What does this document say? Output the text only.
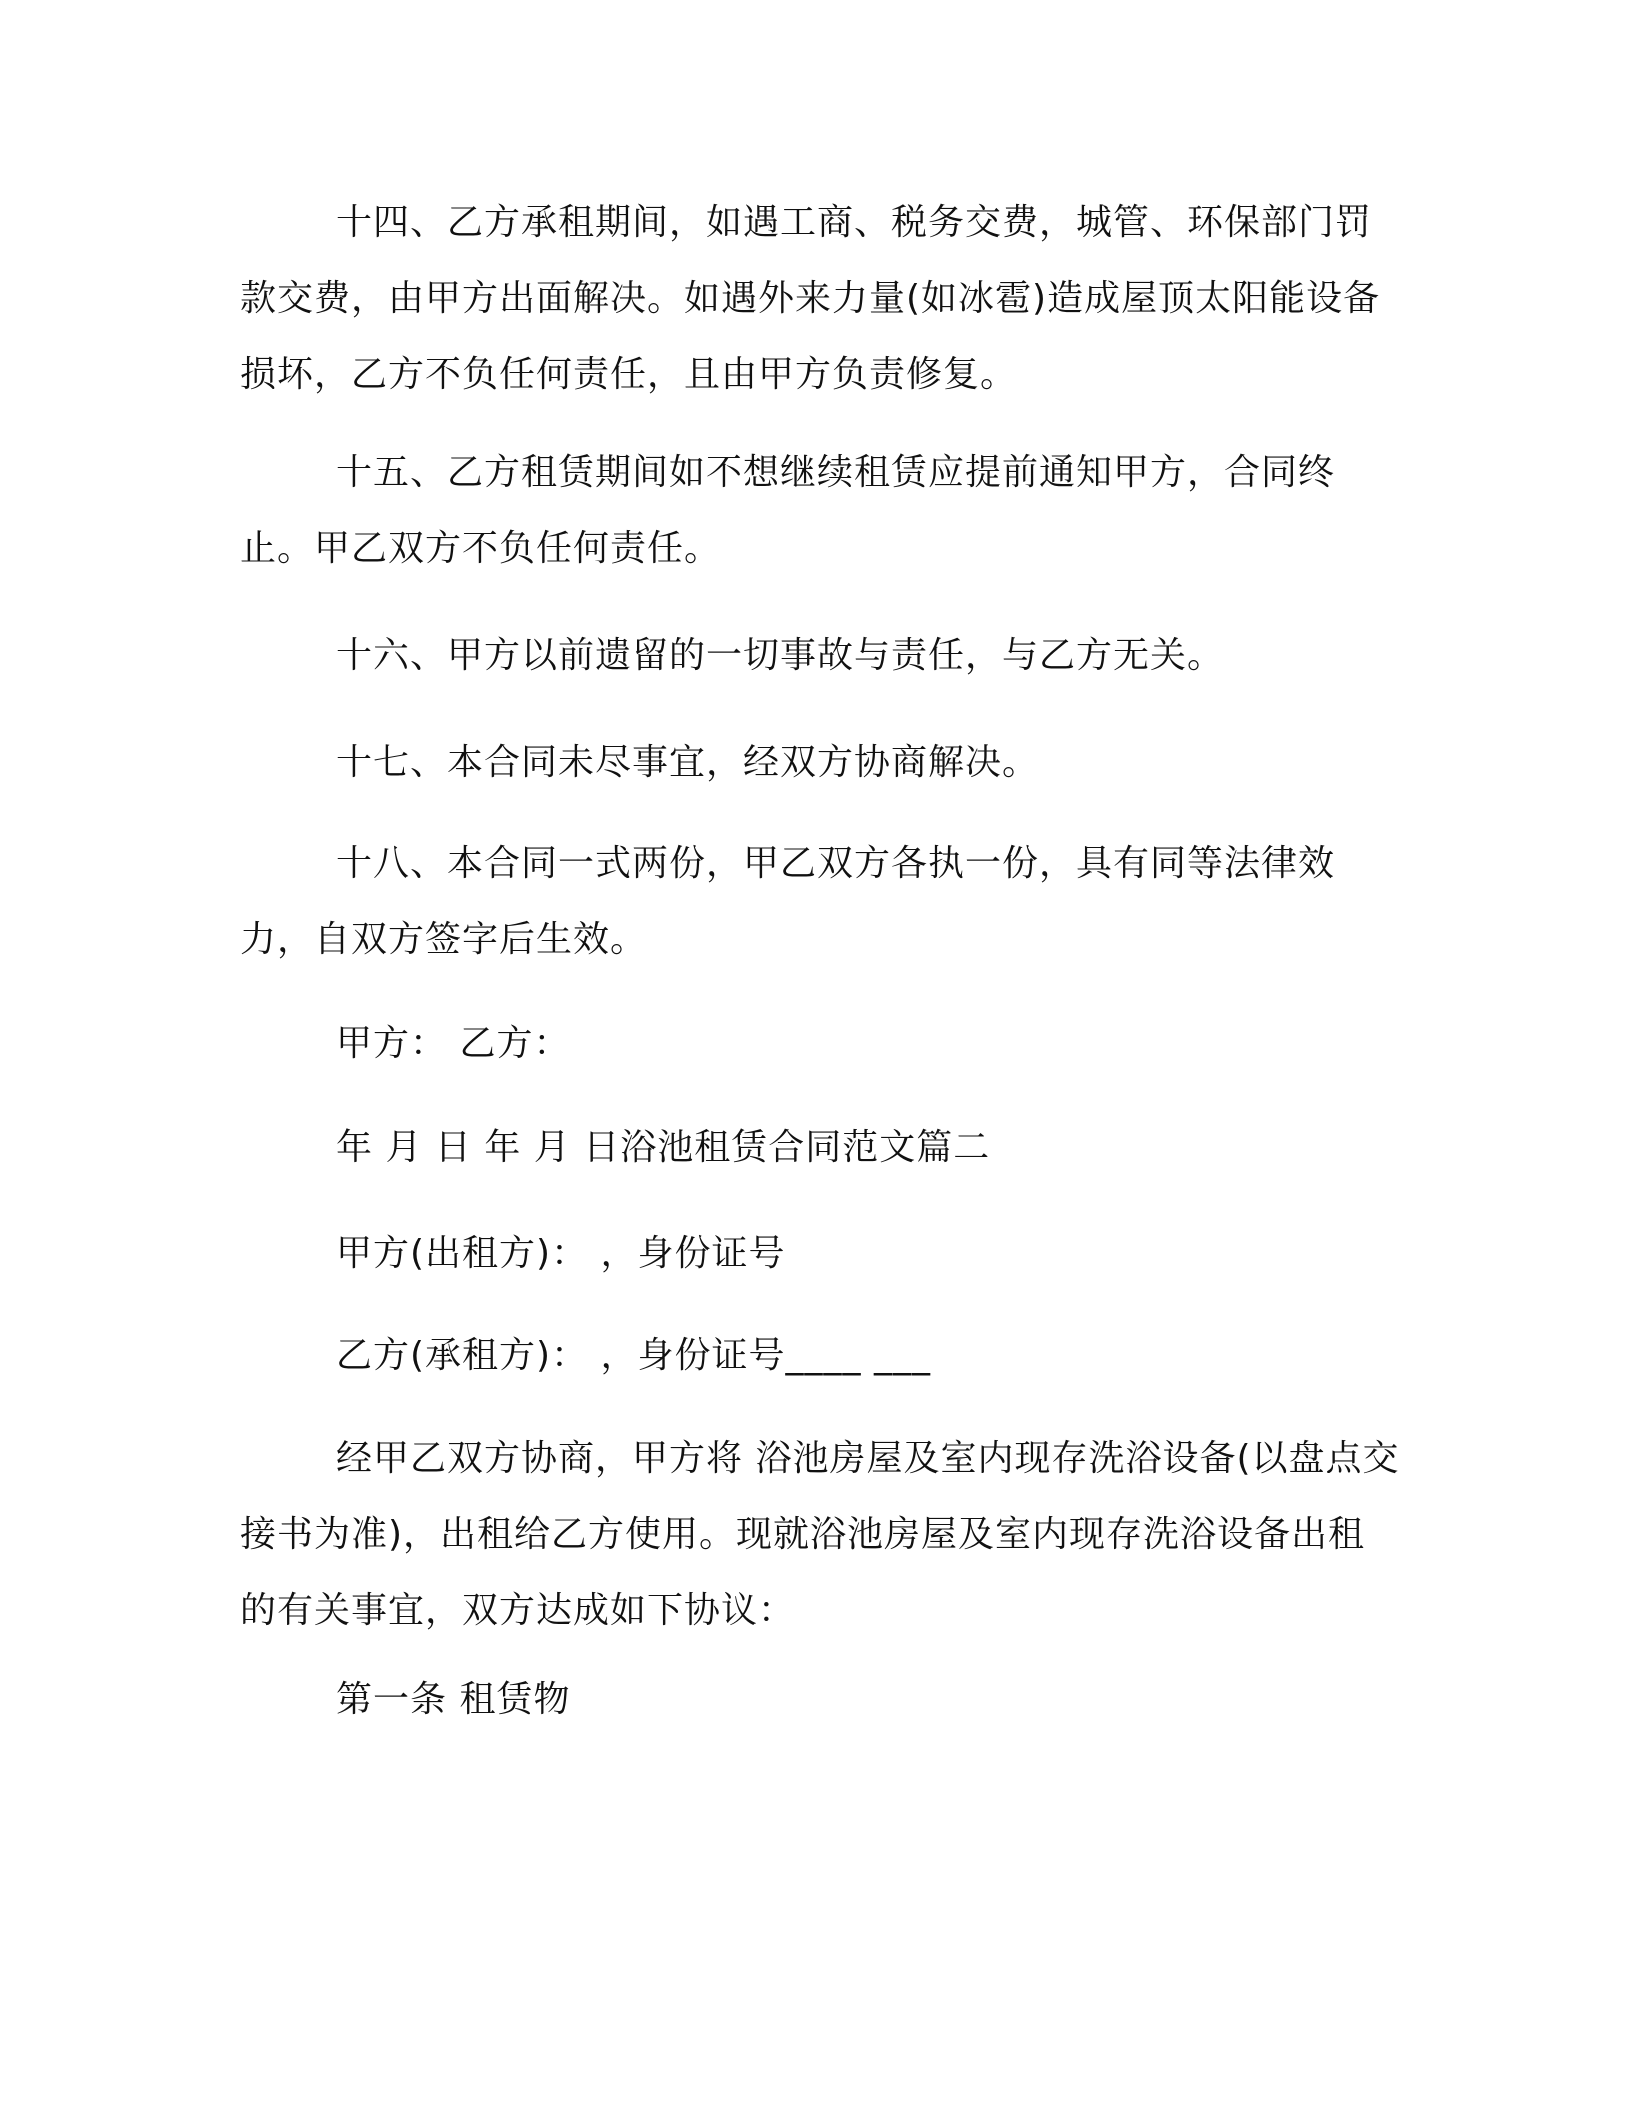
十四、乙方承租期间，如遇工商、税务交费，城管、环保部门罚款交费，由甲方出面解决。如遇外来力量(如冰雹)造成屋顶太阳能设备损坏，乙方不负任何责任，且由甲方负责修复。

十五、乙方租赁期间如不想继续租赁应提前通知甲方，合同终止。甲乙双方不负任何责任。

十六、甲方以前遗留的一切事故与责任，与乙方无关。

十七、本合同未尽事宜，经双方协商解决。

十八、本合同一式两份，甲乙双方各执一份，具有同等法律效力，自双方签字后生效。

甲方： 乙方：

年 月 日 年 月 日浴池租赁合同范文篇二

甲方(出租方)： ，身份证号

乙方(承租方)： ，身份证号____ ___

经甲乙双方协商，甲方将 浴池房屋及室内现存洗浴设备(以盘点交接书为准)，出租给乙方使用。现就浴池房屋及室内现存洗浴设备出租的有关事宜，双方达成如下协议：

第一条 租赁物
